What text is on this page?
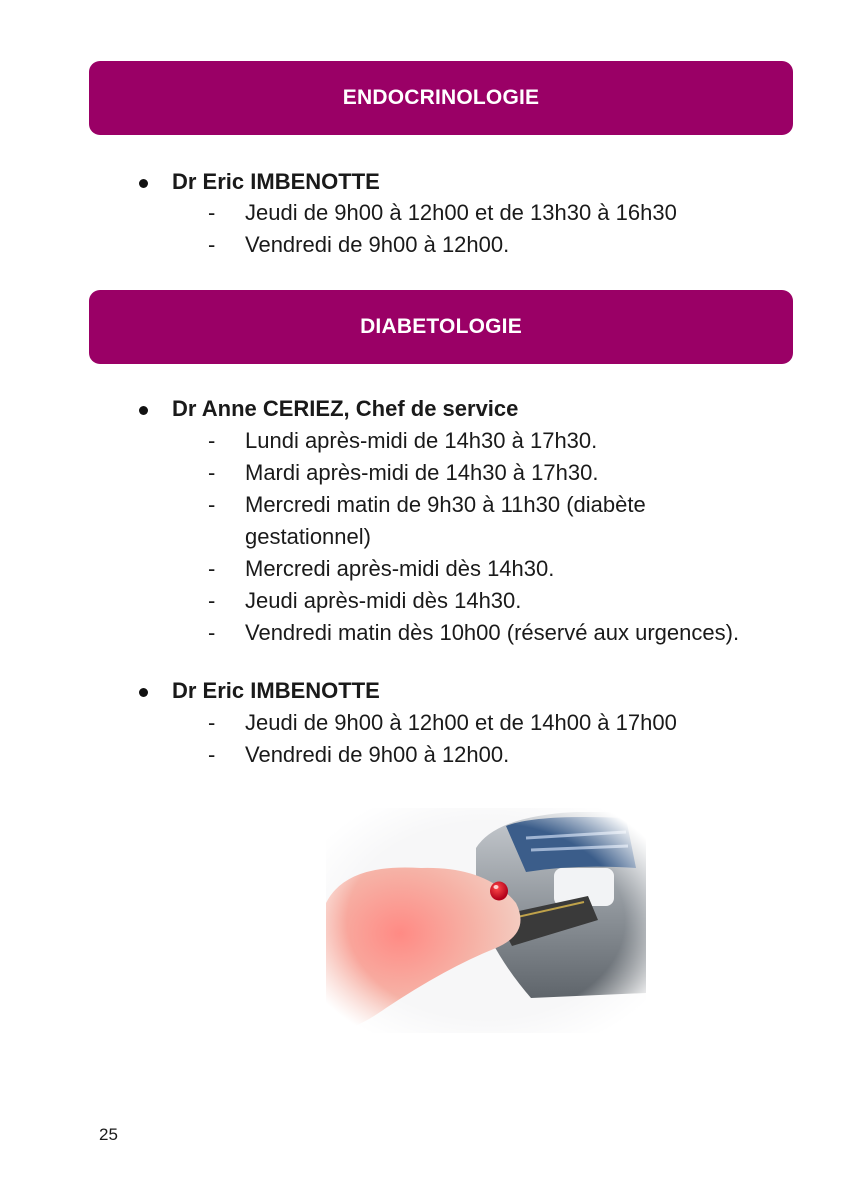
ENDOCRINOLOGIE
Dr Eric IMBENOTTE
- Jeudi de 9h00 à 12h00 et de 13h30 à 16h30
- Vendredi de 9h00 à 12h00.
DIABETOLOGIE
Dr Anne CERIEZ, Chef de service
- Lundi après-midi de 14h30 à 17h30.
- Mardi après-midi de 14h30 à 17h30.
- Mercredi matin de 9h30 à 11h30 (diabète
gestationnel)
- Mercredi après-midi dès 14h30.
- Jeudi après-midi dès 14h30.
- Vendredi matin dès 10h00 (réservé aux urgences).
Dr Eric IMBENOTTE
- Jeudi de 9h00 à 12h00 et de 14h00 à 17h00
- Vendredi de 9h00 à 12h00.
25
